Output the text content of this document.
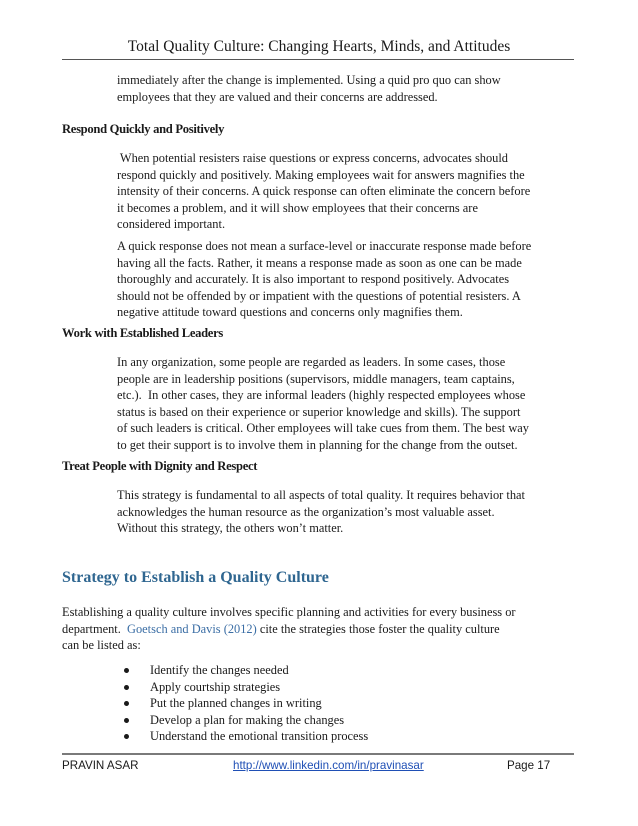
Total Quality Culture: Changing Hearts, Minds, and Attitudes

immediately after the change is implemented. Using a quid pro quo can show
employees that they are valued and their concerns are addressed.

Respond Quickly and Positively

When potential resisters raise questions or express concerns, advocates should
respond quickly and positively. Making employees wait for answers magnifies the
intensity of their concerns. A quick response can often eliminate the concern before
it becomes a problem, and it will show employees that their concerns are
considered important.

A quick response does not mean a surface-level or inaccurate response made before
having all the facts. Rather, it means a response made as soon as one can be made
thoroughly and accurately. It is also important to respond positively. Advocates
should not be offended by or impatient with the questions of potential resisters. A
negative attitude toward questions and concerns only magnifies them.

Work with Established Leaders

In any organization, some people are regarded as leaders. In some cases, those
people are in leadership positions (supervisors, middle managers, team captains,
etc.).  In other cases, they are informal leaders (highly respected employees whose
status is based on their experience or superior knowledge and skills). The support
of such leaders is critical. Other employees will take cues from them. The best way
to get their support is to involve them in planning for the change from the outset.

Treat People with Dignity and Respect

This strategy is fundamental to all aspects of total quality. It requires behavior that
acknowledges the human resource as the organization’s most valuable asset.
Without this strategy, the others won’t matter.

Strategy to Establish a Quality Culture

Establishing a quality culture involves specific planning and activities for every business or
department.  Goetsch and Davis (2012) cite the strategies those foster the quality culture
can be listed as:

Identify the changes needed
Apply courtship strategies
Put the planned changes in writing
Develop a plan for making the changes
Understand the emotional transition process
PRAVIN ASAR	http://www.linkedin.com/in/pravinasar	Page 17
